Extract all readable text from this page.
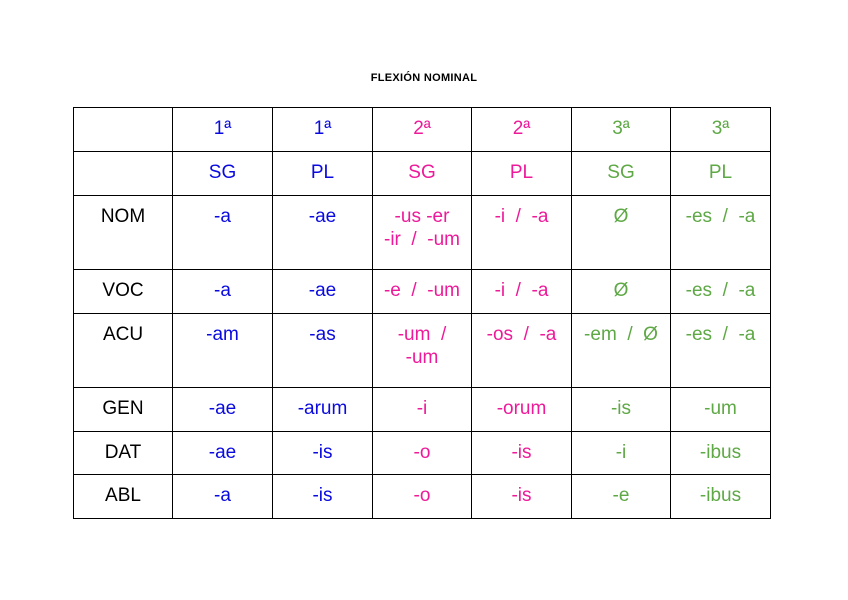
FLEXIÓN NOMINAL

	1ª	1ª	2ª	2ª	3ª	3ª

	SG	PL	SG	PL	SG	PL

NOM	-a	-ae	-us -er
-ir  /  -um	-i  /  -a	Ø	-es  /  -a

VOC	-a	-ae	-e  /  -um	-i  /  -a	Ø	-es  /  -a

ACU	-am	-as	-um  /
-um	-os  /  -a	-em  /  Ø	-es  /  -a

GEN	-ae	-arum	-i	-orum	-is	-um

DAT	-ae	-is	-o	-is	-i	-ibus

ABL	-a	-is	-o	-is	-e	-ibus
